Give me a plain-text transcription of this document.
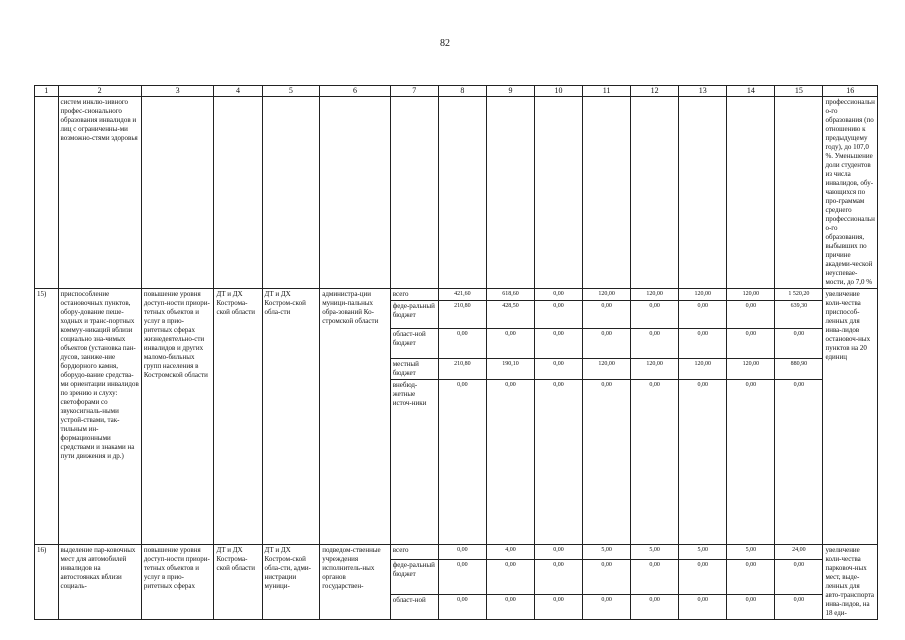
82
1	2	3	4	5	6	7	8	9	10	11	12	13	14	15	16
	систем инклю-зивного профес-сионального образования инвалидов и лиц с ограниченны-ми возможно-стями здоровья														профессионально-го образования (по отношению к предыдущему году), до 107,0 %. Уменьшение доли студентов из числа инвалидов, обу-чающихся по про-граммам среднего профессионально-го образования, выбывших по причине академи-ческой неуспевае-мости, до 7,0 %
15)	приспособление остановочных пунктов, обору-дование пеше-ходных и транс-портных коммуу-никаций вблизи социально зна-чимых объектов (установка пан-дусов, заниже-ние бордюрного камня, оборудо-вание средства-ми ориентации инвалидов по зрению и слуху: светофорами со звукосигналь-ными устрой-ствами, так-тильным ин-формационными средствами и знаками на пути движения и др.)	повышение уровня доступ-ности приори-тетных объектов и услуг в прио-ритетных сферах жизнедеятельно-сти инвалидов и других маломо-бильных групп населения в Костромской области	ДТ и ДХ Кострома-ской области	ДТ и ДХ Костром-ской обла-сти	администра-ции муници-пальных обра-зований Ко-стромской области	всего	421,60	618,60	0,00	120,00	120,00	120,00	120,00	1 520,20	увеличение коли-чества приспособ-ленных для инва-лидов остановоч-ных пунктов на 20 единиц
						феде-ральный бюджет	210,80	428,50	0,00	0,00	0,00	0,00	0,00	639,30	
						област-ной бюджет	0,00	0,00	0,00	0,00	0,00	0,00	0,00	0,00	
						местный бюджет	210,80	190,10	0,00	120,00	120,00	120,00	120,00	880,90	
						внебюд-жетные источ-ники	0,00	0,00	0,00	0,00	0,00	0,00	0,00	0,00	
16)	выделение пар-ковочных мест для автомобилей инвалидов на автостоянках вблизи социаль-	повышение уровня доступ-ности приори-тетных объектов и услуг в прио-ритетных сферах	ДТ и ДХ Кострома-ской области	ДТ и ДХ Костром-ской обла-сти, адми-нистрации муници-	подведом-ственные учреждения исполнитель-ных органов государствен-	всего	0,00	4,00	0,00	5,00	5,00	5,00	5,00	24,00	увеличение коли-чества парковоч-ных мест, выде-ленных для авто-транспорта инва-лидов, на 18 еди-
						феде-ральный бюджет	0,00	0,00	0,00	0,00	0,00	0,00	0,00	0,00	
						област-ной	0,00	0,00	0,00	0,00	0,00	0,00	0,00	0,00	
